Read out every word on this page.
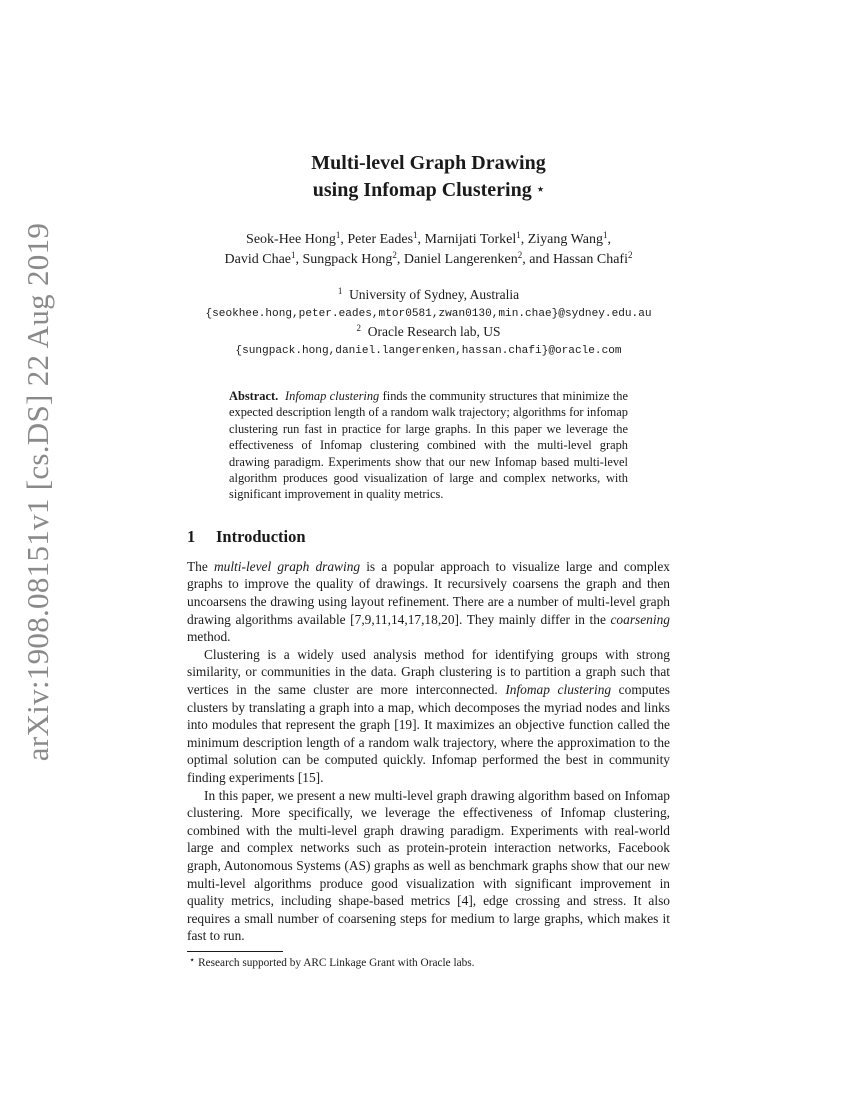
arXiv:1908.08151v1 [cs.DS] 22 Aug 2019
Multi-level Graph Drawing
using Infomap Clustering ⋆
Seok-Hee Hong$^1$, Peter Eades$^1$, Marnijati Torkel$^1$, Ziyang Wang$^1$,
David Chae$^1$, Sungpack Hong$^2$, Daniel Langerenken$^2$, and Hassan Chafi$^2$
$^1$ University of Sydney, Australia
{seokhee.hong,peter.eades,mtor0581,zwan0130,min.chae}@sydney.edu.au
$^2$ Oracle Research lab, US
{sungpack.hong,daniel.langerenken,hassan.chafi}@oracle.com
Abstract. Infomap clustering finds the community structures that minimize the expected description length of a random walk trajectory; algorithms for infomap clustering run fast in practice for large graphs. In this paper we leverage the effectiveness of Infomap clustering combined with the multi-level graph drawing paradigm. Experiments show that our new Infomap based multi-level algorithm produces good visualization of large and complex networks, with significant improvement in quality metrics.
1 Introduction

The multi-level graph drawing is a popular approach to visualize large and complex graphs to improve the quality of drawings. It recursively coarsens the graph and then uncoarsens the drawing using layout refinement. There are a number of multi-level graph drawing algorithms available [7,9,11,14,17,18,20]. They mainly differ in the coarsening method.

Clustering is a widely used analysis method for identifying groups with strong similarity, or communities in the data. Graph clustering is to partition a graph such that vertices in the same cluster are more interconnected. Infomap clustering computes clusters by translating a graph into a map, which decomposes the myriad nodes and links into modules that represent the graph [19]. It maximizes an objective function called the minimum description length of a random walk trajectory, where the approximation to the optimal solution can be computed quickly. Infomap performed the best in community finding experiments [15].

In this paper, we present a new multi-level graph drawing algorithm based on Infomap clustering. More specifically, we leverage the effectiveness of Infomap clustering, combined with the multi-level graph drawing paradigm. Experiments with real-world large and complex networks such as protein-protein interaction networks, Facebook graph, Autonomous Systems (AS) graphs as well as benchmark graphs show that our new multi-level algorithms produce good visualization with significant improvement in quality metrics, including shape-based metrics [4], edge crossing and stress. It also requires a small number of coarsening steps for medium to large graphs, which makes it fast to run.

⋆ Research supported by ARC Linkage Grant with Oracle labs.
